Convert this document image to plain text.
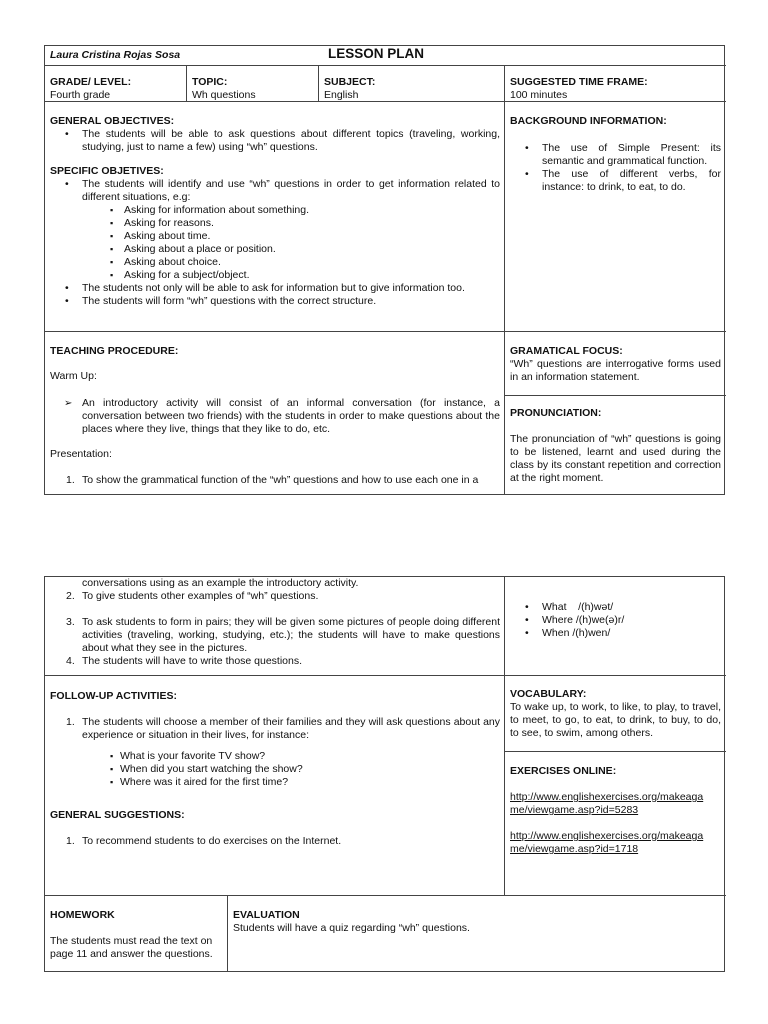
Laura Cristina Rojas Sosa	LESSON PLAN
GRADE/ LEVEL:
Fourth grade
TOPIC:
Wh questions
SUBJECT:
English
SUGGESTED TIME FRAME:
100 minutes
GENERAL OBJECTIVES:
• The students will be able to ask questions about different topics (traveling, working, studying, just to name a few) using “wh” questions.
SPECIFIC OBJETIVES:
• The students will identify and use “wh” questions in order to get information related to different situations, e.g:
▪ Asking for information about something.
▪ Asking for reasons.
▪ Asking about time.
▪ Asking about a place or position.
▪ Asking about choice.
▪ Asking for a subject/object.
• The students not only will be able to ask for information but to give information too.
• The students will form “wh” questions with the correct structure.
BACKGROUND INFORMATION:
• The use of Simple Present: its semantic and grammatical function.
• The use of different verbs, for instance: to drink, to eat, to do.
TEACHING PROCEDURE:
Warm Up:
➢ An introductory activity will consist of an informal conversation (for instance, a conversation between two friends) with the students in order to make questions about the places where they live, things that they like to do, etc.
Presentation:
1. To show the grammatical function of the “wh” questions and how to use each one in a
GRAMATICAL FOCUS:
“Wh” questions are interrogative forms used in an information statement.
PRONUNCIATION:
The pronunciation of “wh” questions is going to be listened, learnt and used during the class by its constant repetition and correction at the right moment.
conversations using as an example the introductory activity.
2. To give students other examples of “wh” questions.
3. To ask students to form in pairs; they will be given some pictures of people doing different activities (traveling, working, studying, etc.); the students will have to make questions about what they see in the pictures.
4. The students will have to write those questions.
• What    /(h)wət/
• Where /(h)we(ə)r/
• When /(h)wen/
FOLLOW-UP ACTIVITIES:
1. The students will choose a member of their families and they will ask questions about any experience or situation in their lives, for instance:
▪ What is your favorite TV show?
▪ When did you start watching the show?
▪ Where was it aired for the first time?
GENERAL SUGGESTIONS:
1. To recommend students to do exercises on the Internet.
VOCABULARY:
To wake up, to work, to like, to play, to travel, to meet, to go, to eat, to drink, to buy, to do, to see, to swim, among others.
EXERCISES ONLINE:
http://www.englishexercises.org/makeaga
me/viewgame.asp?id=5283
http://www.englishexercises.org/makeaga
me/viewgame.asp?id=1718
HOMEWORK
The students must read the text on page 11 and answer the questions.
EVALUATION
Students will have a quiz regarding “wh” questions.
